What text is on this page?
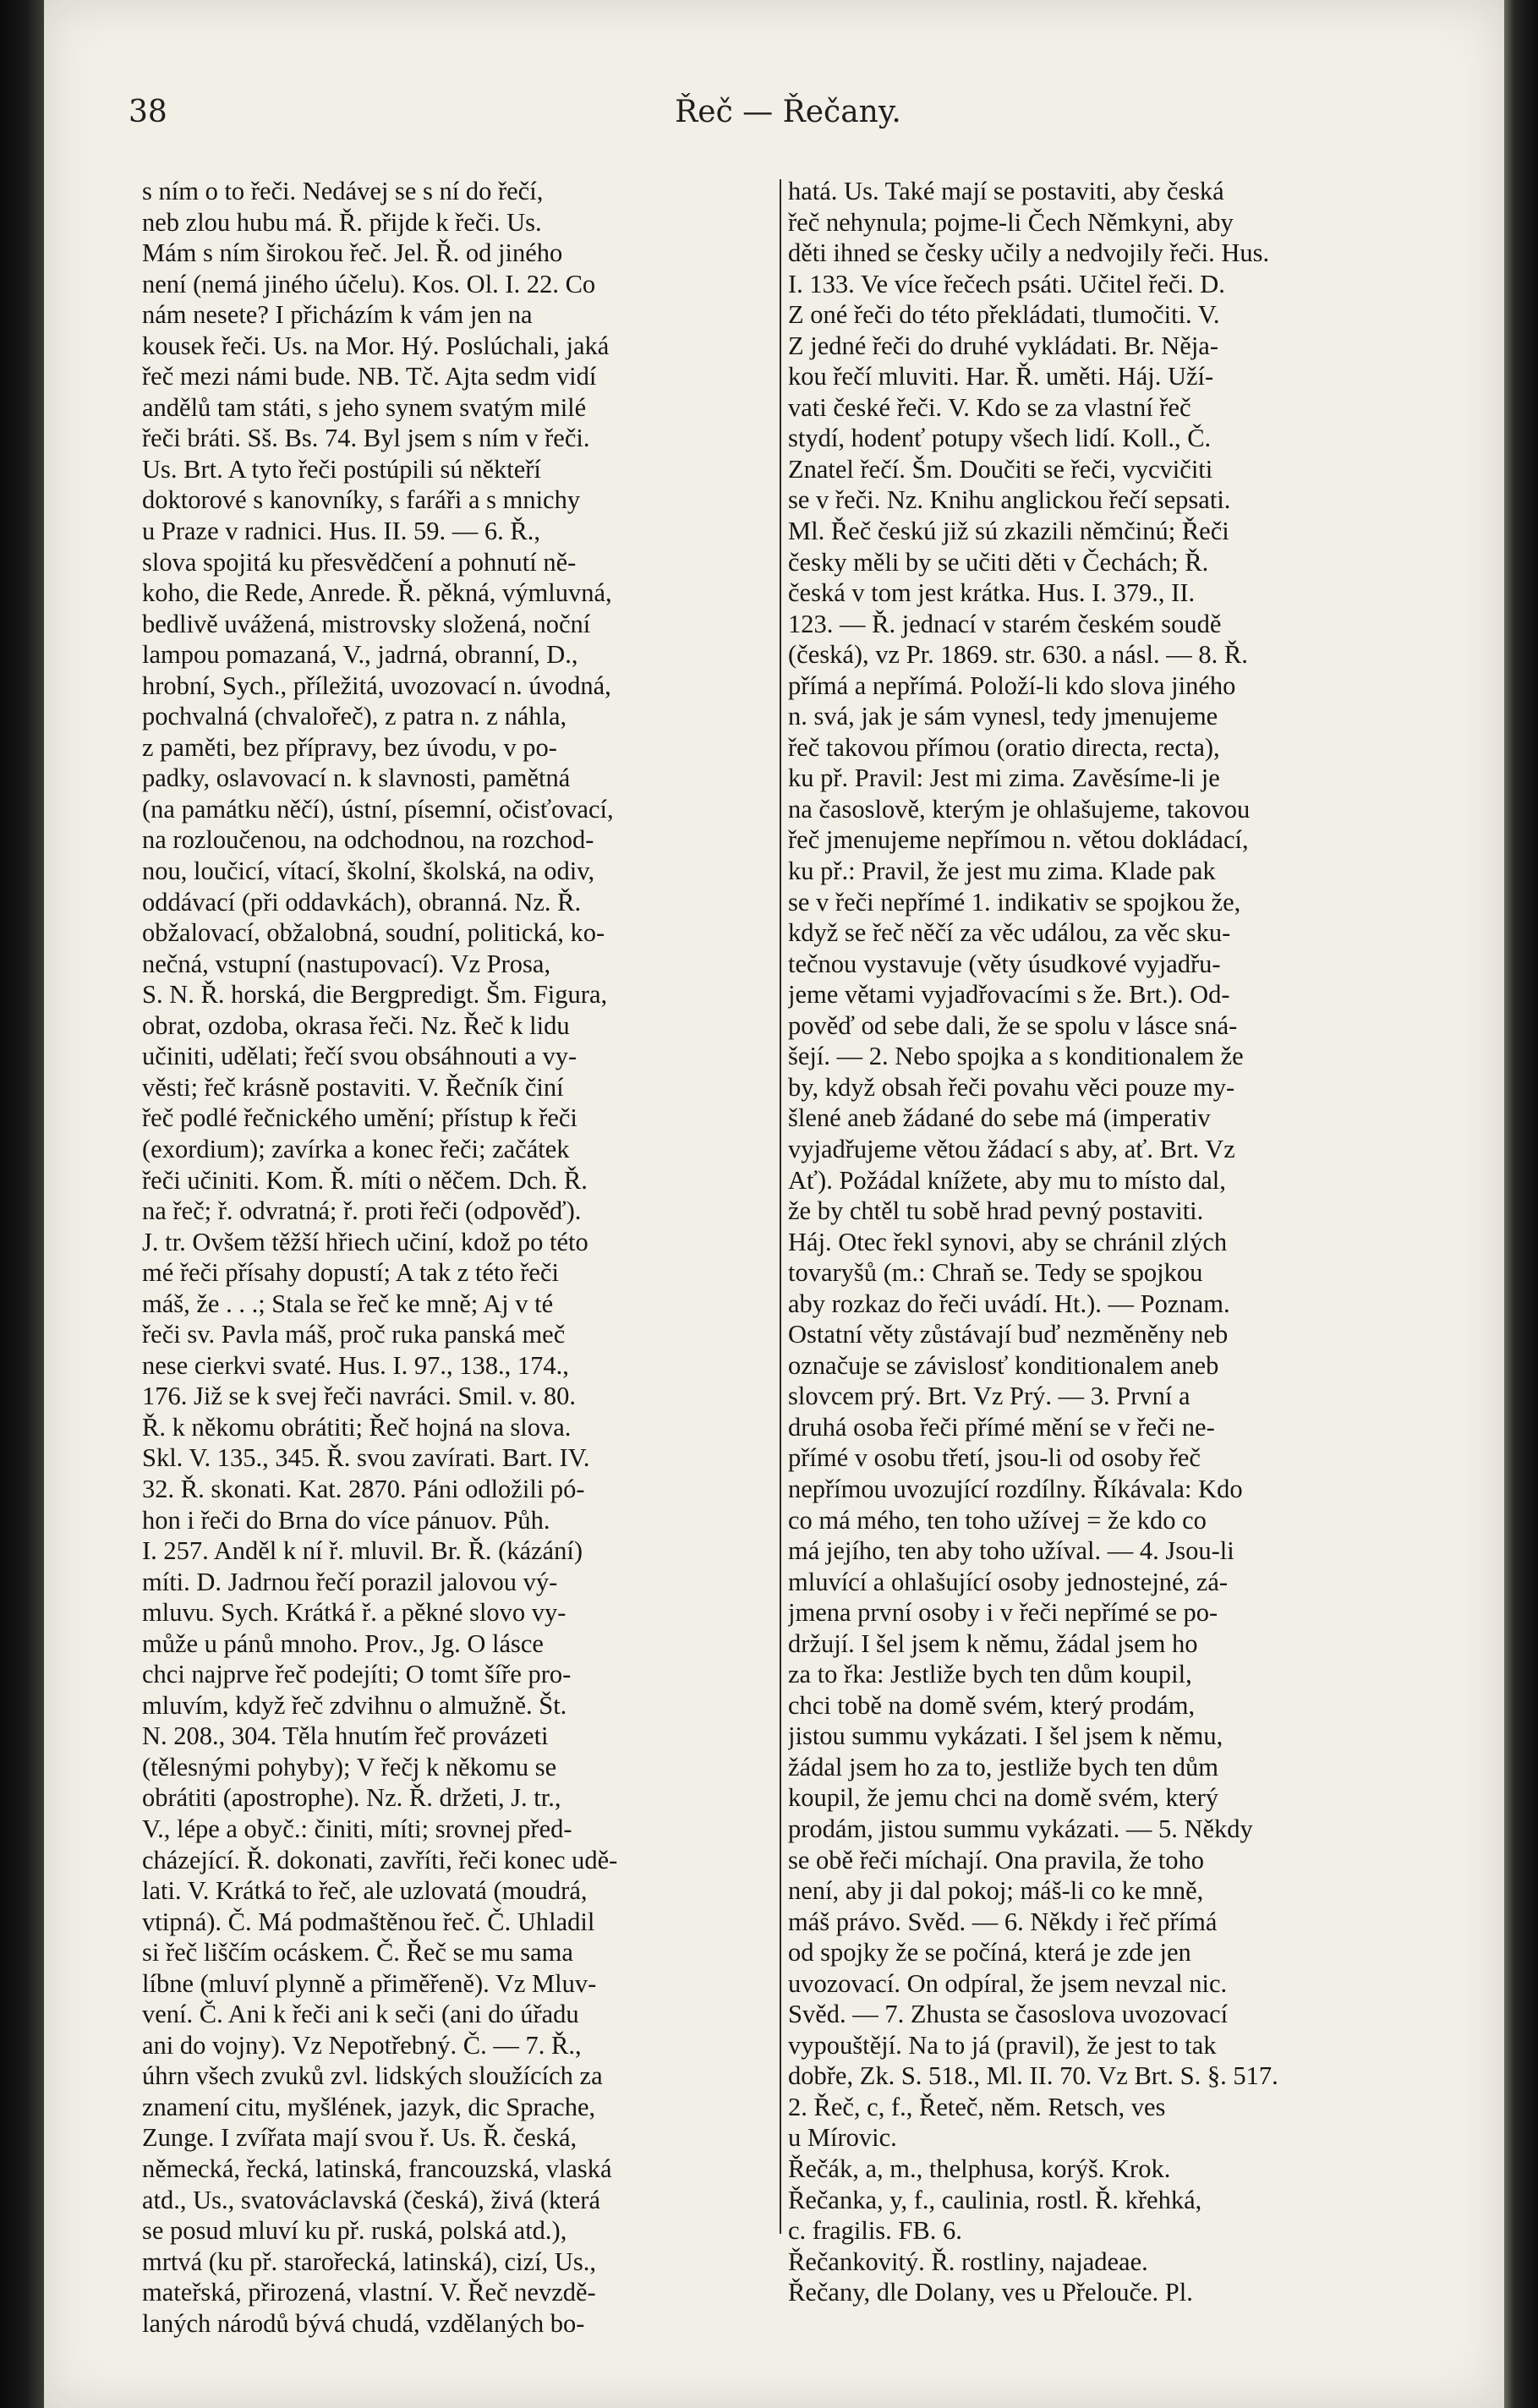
38	Řeč — Řečany.
s ním o to řeči. Nedávej se s ní do řečí,
neb zlou hubu má. Ř. přijde k řeči. Us.
Mám s ním širokou řeč. Jel. Ř. od jiného
není (nemá jiného účelu). Kos. Ol. I. 22. Co
nám nesete? I přicházím k vám jen na
kousek řeči. Us. na Mor. Hý. Poslúchali, jaká
řeč mezi námi bude. NB. Tč. Ajta sedm vidí
andělů tam státi, s jeho synem svatým milé
řeči bráti. Sš. Bs. 74. Byl jsem s ním v řeči.
Us. Brt. A tyto řeči postúpili sú někteří
doktorové s kanovníky, s faráři a s mnichy
u Praze v radnici. Hus. II. 59. — 6. Ř.,
slova spojitá ku přesvědčení a pohnutí ně-
koho, die Rede, Anrede. Ř. pěkná, výmluvná,
bedlivě uvážená, mistrovsky složená, noční
lampou pomazaná, V., jadrná, obranní, D.,
hrobní, Sych., příležitá, uvozovací n. úvodná,
pochvalná (chvalořeč), z patra n. z náhla,
z paměti, bez přípravy, bez úvodu, v po-
padky, oslavovací n. k slavnosti, pamětná
(na památku něčí), ústní, písemní, očisťovací,
na rozloučenou, na odchodnou, na rozchod-
nou, loučicí, vítací, školní, školská, na odiv,
oddávací (při oddavkách), obranná. Nz. Ř.
obžalovací, obžalobná, soudní, politická, ko-
nečná, vstupní (nastupovací). Vz Prosa,
S. N. Ř. horská, die Bergpredigt. Šm. Figura,
obrat, ozdoba, okrasa řeči. Nz. Řeč k lidu
učiniti, udělati; řečí svou obsáhnouti a vy-
věsti; řeč krásně postaviti. V. Řečník činí
řeč podlé řečnického umění; přístup k řeči
(exordium); zavírka a konec řeči; začátek
řeči učiniti. Kom. Ř. míti o něčem. Dch. Ř.
na řeč; ř. odvratná; ř. proti řeči (odpověď).
J. tr. Ovšem těžší hřiech učiní, kdož po této
mé řeči přísahy dopustí; A tak z této řeči
máš, že . . .; Stala se řeč ke mně; Aj v té
řeči sv. Pavla máš, proč ruka panská meč
nese cierkvi svaté. Hus. I. 97., 138., 174.,
176. Již se k svej řeči navráci. Smil. v. 80.
Ř. k někomu obrátiti; Řeč hojná na slova.
Skl. V. 135., 345. Ř. svou zavírati. Bart. IV.
32. Ř. skonati. Kat. 2870. Páni odložili pó-
hon i řeči do Brna do více pánuov. Půh.
I. 257. Anděl k ní ř. mluvil. Br. Ř. (kázání)
míti. D. Jadrnou řečí porazil jalovou vý-
mluvu. Sych. Krátká ř. a pěkné slovo vy-
může u pánů mnoho. Prov., Jg. O lásce
chci najprve řeč podejíti; O tomt šíře pro-
mluvím, když řeč zdvihnu o almužně. Št.
N. 208., 304. Těla hnutím řeč provázeti
(tělesnými pohyby); V řečj k někomu se
obrátiti (apostrophe). Nz. Ř. držeti, J. tr.,
V., lépe a obyč.: činiti, míti; srovnej před-
cházející. Ř. dokonati, zavříti, řeči konec udě-
lati. V. Krátká to řeč, ale uzlovatá (moudrá,
vtipná). Č. Má podmaštěnou řeč. Č. Uhladil
si řeč liščím ocáskem. Č. Řeč se mu sama
líbne (mluví plynně a přiměřeně). Vz Mluv-
vení. Č. Ani k řeči ani k seči (ani do úřadu
ani do vojny). Vz Nepotřebný. Č. — 7. Ř.,
úhrn všech zvuků zvl. lidských sloužících za
znamení citu, myšlének, jazyk, dic Sprache,
Zunge. I zvířata mají svou ř. Us. Ř. česká,
německá, řecká, latinská, francouzská, vlaská
atd., Us., svatováclavská (česká), živá (která
se posud mluví ku př. ruská, polská atd.),
mrtvá (ku př. starořecká, latinská), cizí, Us.,
mateřská, přirozená, vlastní. V. Řeč nevzdě-
laných národů bývá chudá, vzdělaných bo-
hatá. Us. Také mají se postaviti, aby česká
řeč nehynula; pojme-li Čech Němkyni, aby
děti ihned se česky učily a nedvojily řeči. Hus.
I. 133. Ve více řečech psáti. Učitel řeči. D.
Z oné řeči do této překládati, tlumočiti. V.
Z jedné řeči do druhé vykládati. Br. Něja-
kou řečí mluviti. Har. Ř. uměti. Háj. Uží-
vati české řeči. V. Kdo se za vlastní řeč
stydí, hodenť potupy všech lidí. Koll., Č.
Znatel řečí. Šm. Doučiti se řeči, vycvičiti
se v řeči. Nz. Knihu anglickou řečí sepsati.
Ml. Řeč českú již sú zkazili němčinú; Řeči
česky měli by se učiti děti v Čechách; Ř.
česká v tom jest krátka. Hus. I. 379., II.
123. — Ř. jednací v starém českém soudě
(česká), vz Pr. 1869. str. 630. a násl. — 8. Ř.
přímá a nepřímá. Položí-li kdo slova jiného
n. svá, jak je sám vynesl, tedy jmenujeme
řeč takovou přímou (oratio directa, recta),
ku př. Pravil: Jest mi zima. Zavěsíme-li je
na časoslově, kterým je ohlašujeme, takovou
řeč jmenujeme nepřímou n. větou dokládací,
ku př.: Pravil, že jest mu zima. Klade pak
se v řeči nepřímé 1. indikativ se spojkou že,
když se řeč něčí za věc událou, za věc sku-
tečnou vystavuje (věty úsudkové vyjadřu-
jeme větami vyjadřovacími s že. Brt.). Od-
pověď od sebe dali, že se spolu v lásce sná-
šejí. — 2. Nebo spojka a s konditionalem že
by, když obsah řeči povahu věci pouze my-
šlené aneb žádané do sebe má (imperativ
vyjadřujeme větou žádací s aby, ať. Brt. Vz
Ať). Požádal knížete, aby mu to místo dal,
že by chtěl tu sobě hrad pevný postaviti.
Háj. Otec řekl synovi, aby se chránil zlých
tovaryšů (m.: Chraň se. Tedy se spojkou
aby rozkaz do řeči uvádí. Ht.). — Poznam.
Ostatní věty zůstávají buď nezměněny neb
označuje se závislosť konditionalem aneb
slovcem prý. Brt. Vz Prý. — 3. První a
druhá osoba řeči přímé mění se v řeči ne-
přímé v osobu třetí, jsou-li od osoby řeč
nepřímou uvozující rozdílny. Říkávala: Kdo
co má mého, ten toho užívej = že kdo co
má jejího, ten aby toho užíval. — 4. Jsou-li
mluvící a ohlašující osoby jednostejné, zá-
jmena první osoby i v řeči nepřímé se po-
držují. I šel jsem k němu, žádal jsem ho
za to řka: Jestliže bych ten dům koupil,
chci tobě na domě svém, který prodám,
jistou summu vykázati. I šel jsem k němu,
žádal jsem ho za to, jestliže bych ten dům
koupil, že jemu chci na domě svém, který
prodám, jistou summu vykázati. — 5. Někdy
se obě řeči míchají. Ona pravila, že toho
není, aby ji dal pokoj; máš-li co ke mně,
máš právo. Svěd. — 6. Někdy i řeč přímá
od spojky že se počíná, která je zde jen
uvozovací. On odpíral, že jsem nevzal nic.
Svěd. — 7. Zhusta se časoslova uvozovací
vypouštějí. Na to já (pravil), že jest to tak
dobře, Zk. S. 518., Ml. II. 70. Vz Brt. S. §. 517.
2. Řeč, c, f., Řeteč, něm. Retsch, ves
u Mírovic.
Řečák, a, m., thelphusa, korýš. Krok.
Řečanka, y, f., caulinia, rostl. Ř. křehká,
c. fragilis. FB. 6.
Řečankovitý. Ř. rostliny, najadeae.
Řečany, dle Dolany, ves u Přelouče. Pl.
